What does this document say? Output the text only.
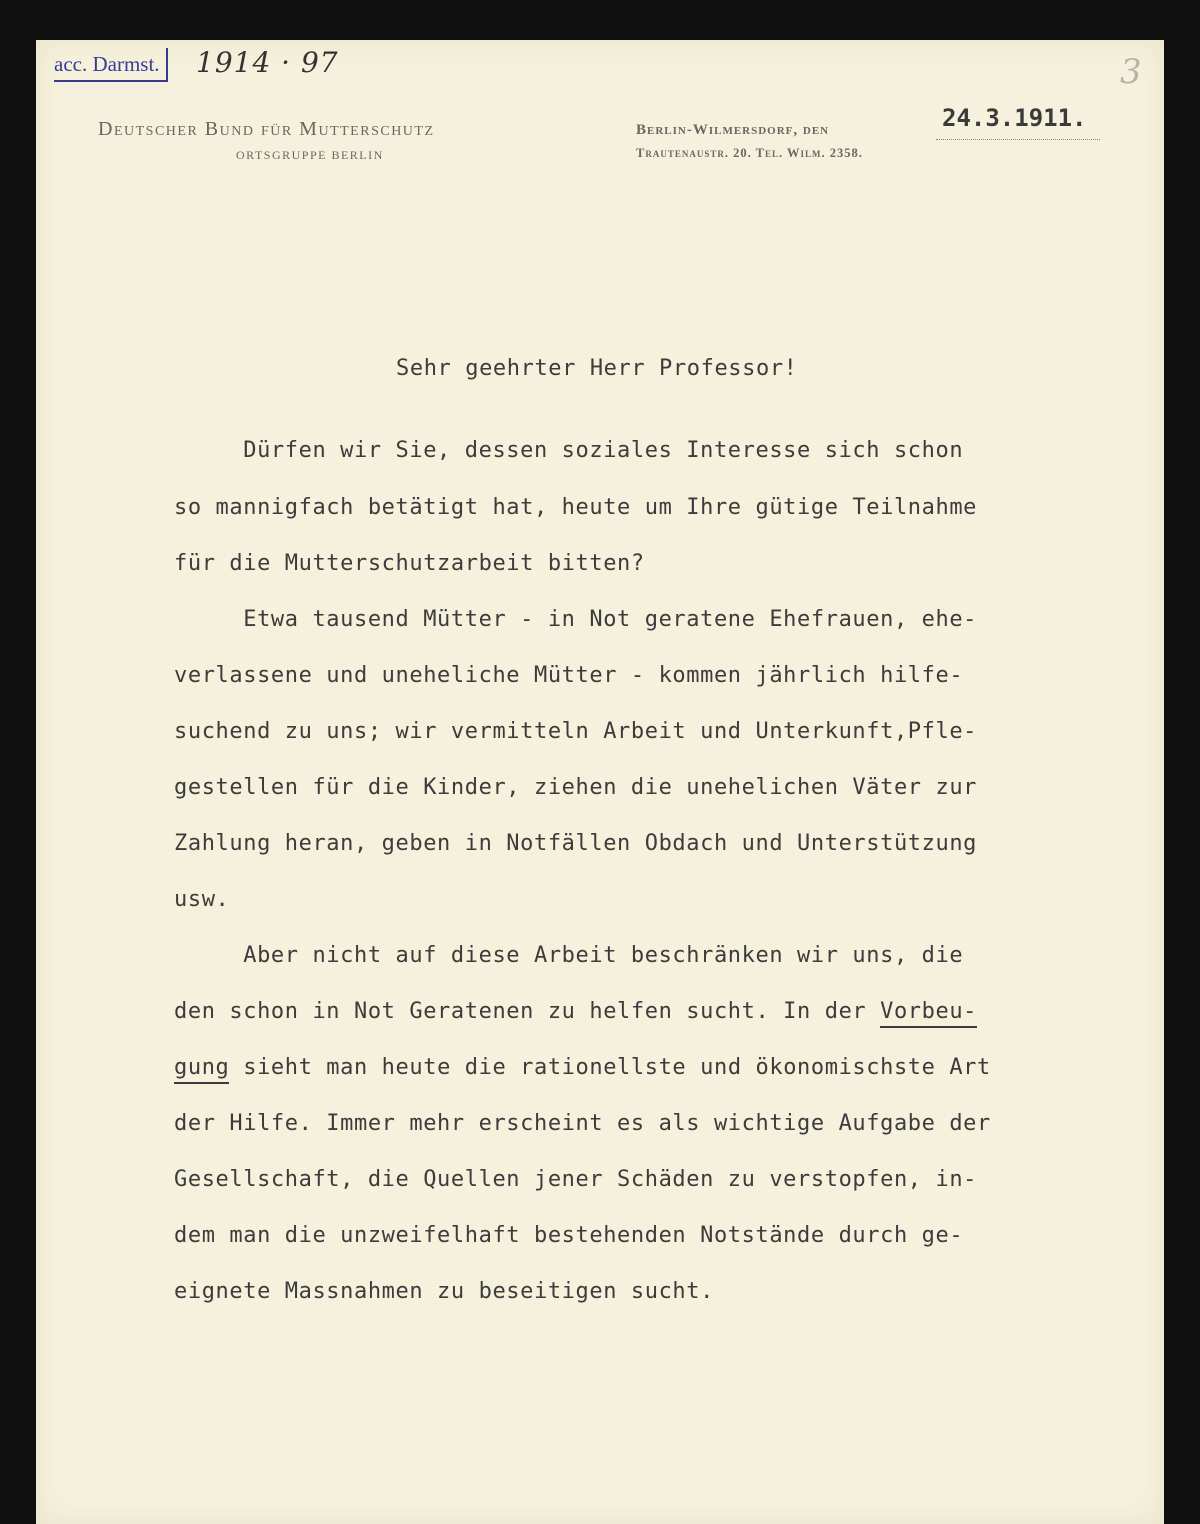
acc. Darmst. 1914 · 97	3
Deutscher Bund für Mutterschutz
ORTSGRUPPE BERLIN
Berlin-Wilmersdorf, den
Trautenaustr. 20. Tel. Wilm. 2358.
24.3.1911.
Sehr geehrter Herr Professor!
Dürfen wir Sie, dessen soziales Interesse sich schon
so mannigfach betätigt hat, heute um Ihre gütige Teilnahme
für die Mutterschutzarbeit bitten?
Etwa tausend Mütter - in Not geratene Ehefrauen, ehe-
verlassene und uneheliche Mütter - kommen jährlich hilfe-
suchend zu uns; wir vermitteln Arbeit und Unterkunft,Pfle-
gestellen für die Kinder, ziehen die unehelichen Väter zur
Zahlung heran, geben in Notfällen Obdach und Unterstützung
usw.
Aber nicht auf diese Arbeit beschränken wir uns, die
den schon in Not Geratenen zu helfen sucht. In der Vorbeu-
gung sieht man heute die rationellste und ökonomischste Art
der Hilfe. Immer mehr erscheint es als wichtige Aufgabe der
Gesellschaft, die Quellen jener Schäden zu verstopfen, in-
dem man die unzweifelhaft bestehenden Notstände durch ge-
eignete Massnahmen zu beseitigen sucht.
